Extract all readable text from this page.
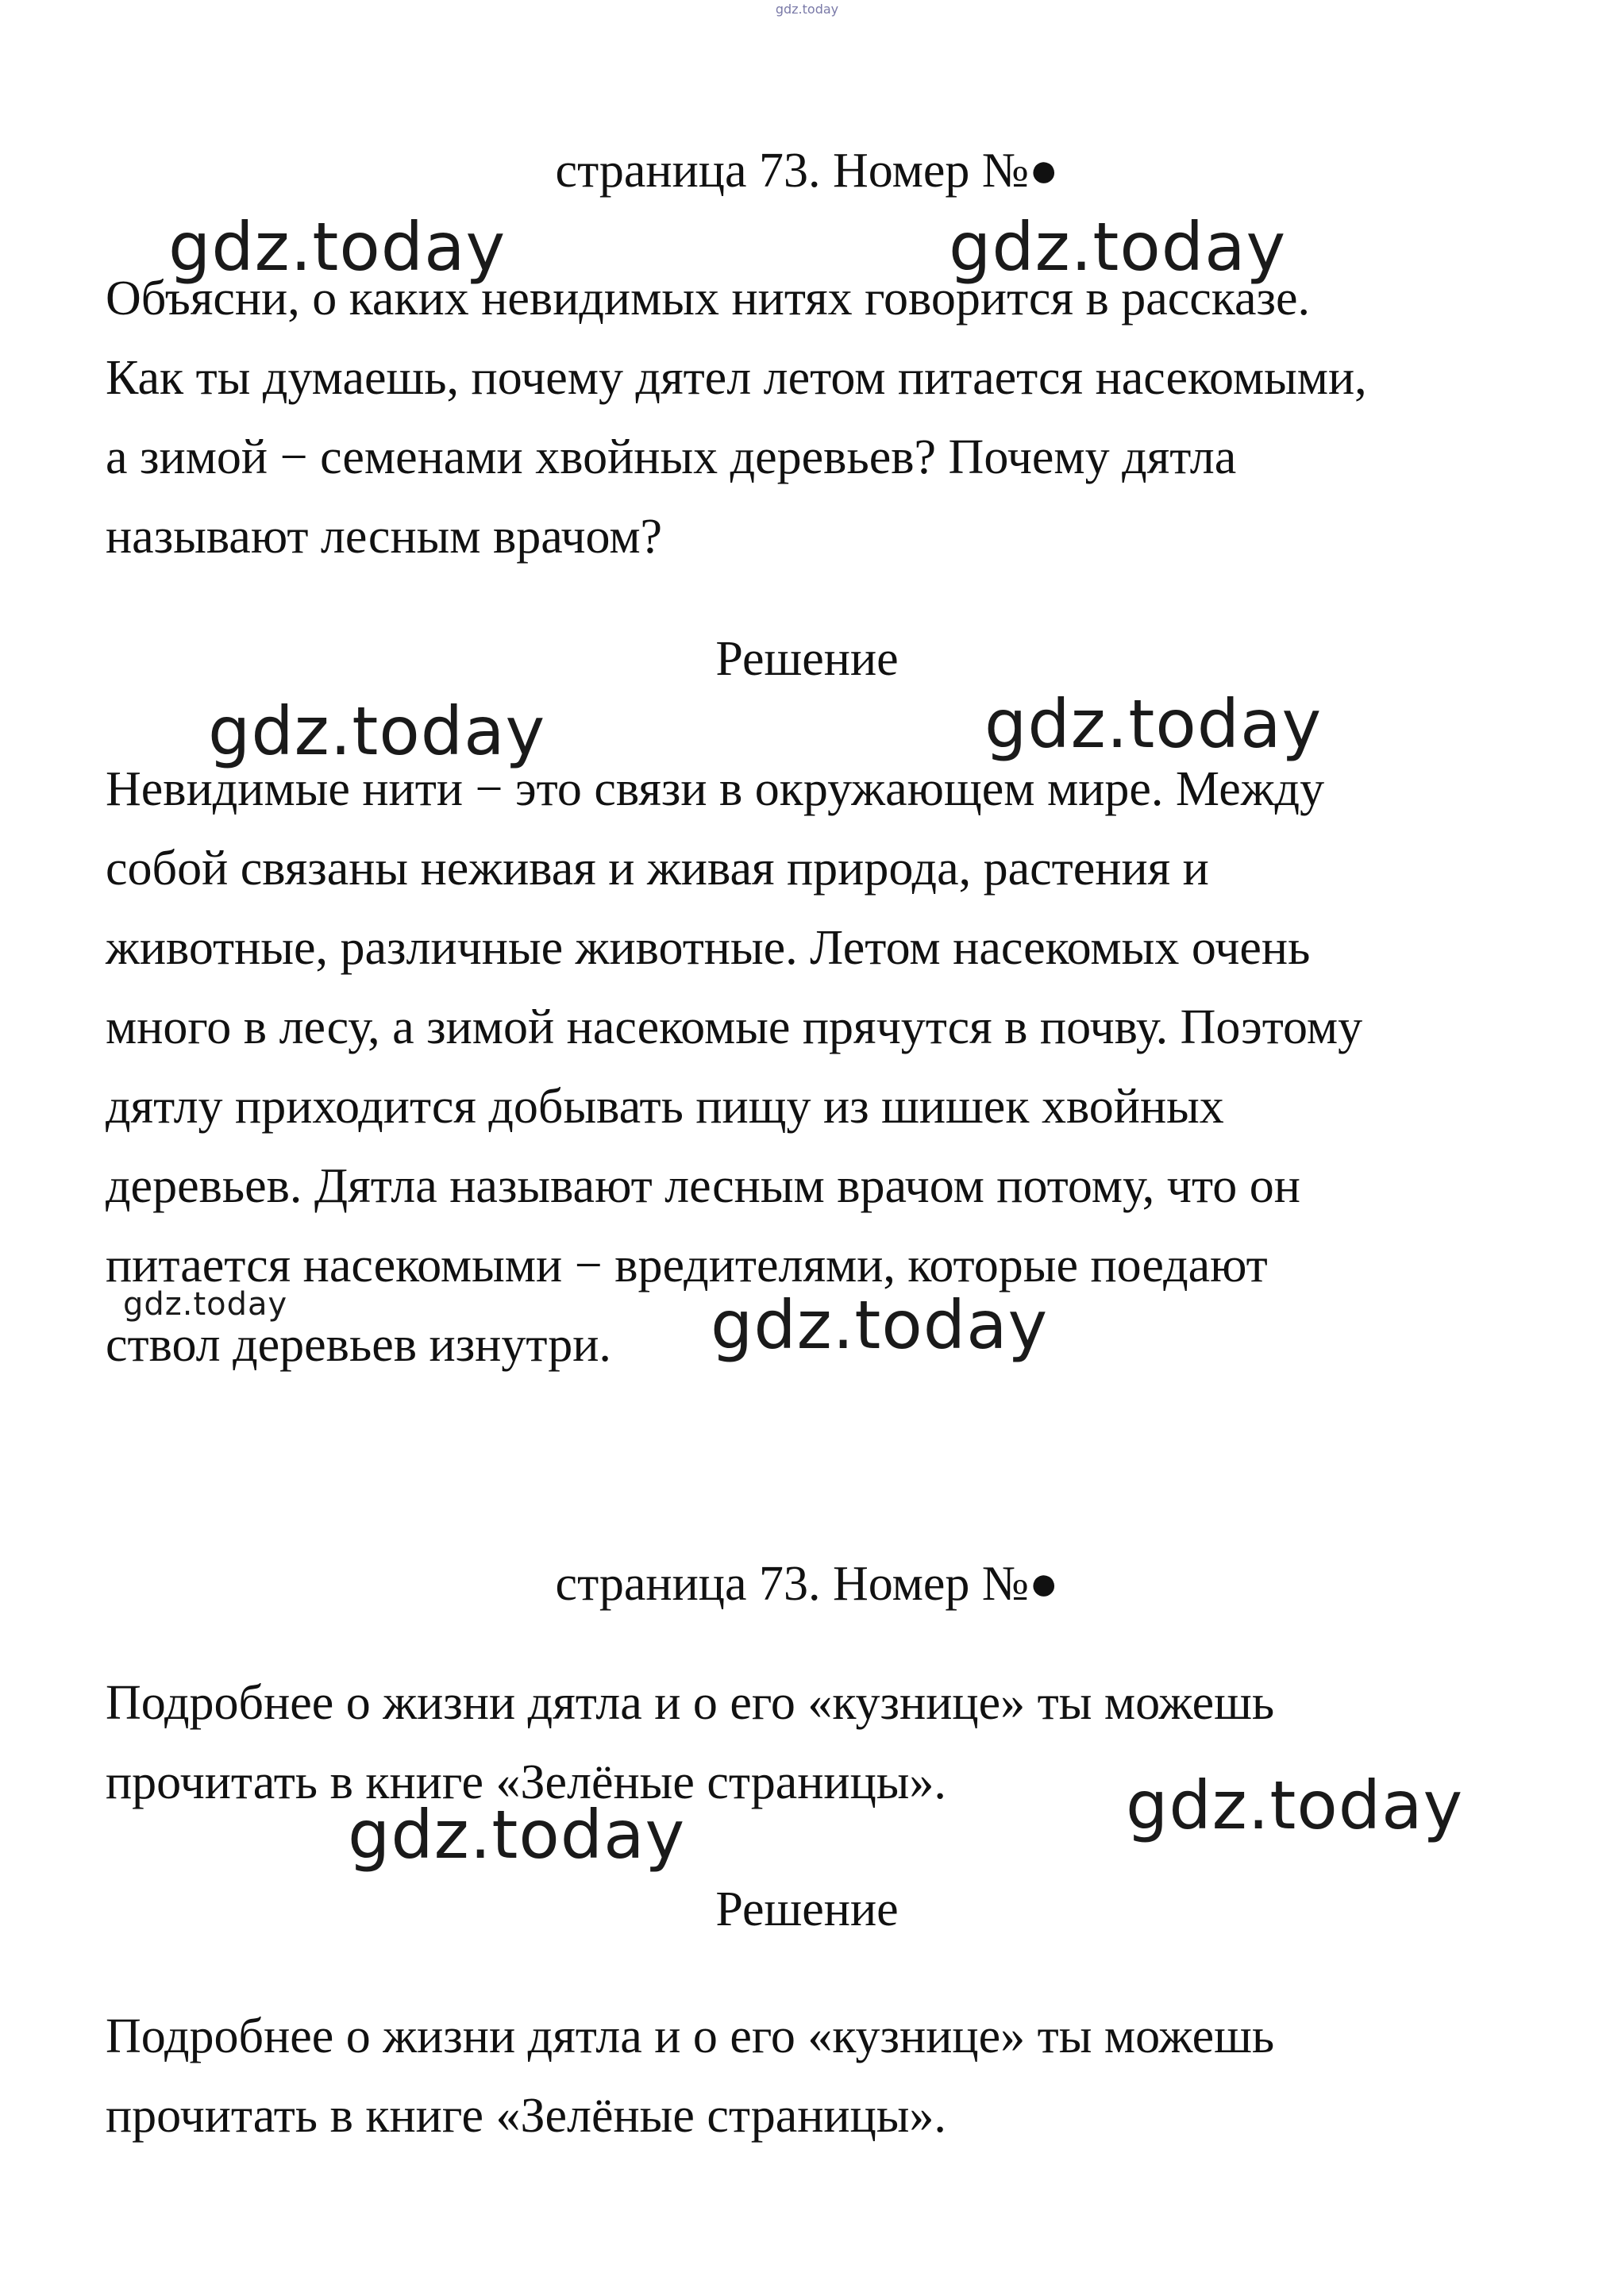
gdz.today
страница 73. Номер №●
Объясни, о каких невидимых нитях говорится в рассказе.
Как ты думаешь, почему дятел летом питается насекомыми,
а зимой − семенами хвойных деревьев? Почему дятла
называют лесным врачом?
Решение
Невидимые нити − это связи в окружающем мире. Между
собой связаны неживая и живая природа, растения и
животные, различные животные. Летом насекомых очень
много в лесу, а зимой насекомые прячутся в почву. Поэтому
дятлу приходится добывать пищу из шишек хвойных
деревьев. Дятла называют лесным врачом потому, что он
питается насекомыми − вредителями, которые поедают
ствол деревьев изнутри.
страница 73. Номер №●
Подробнее о жизни дятла и о его «кузнице» ты можешь
прочитать в книге «Зелёные страницы».
Решение
Подробнее о жизни дятла и о его «кузнице» ты можешь
прочитать в книге «Зелёные страницы».
gdz.today	gdz.today
gdz.today	gdz.today
gdz.today	gdz.today
gdz.today
gdz.today
